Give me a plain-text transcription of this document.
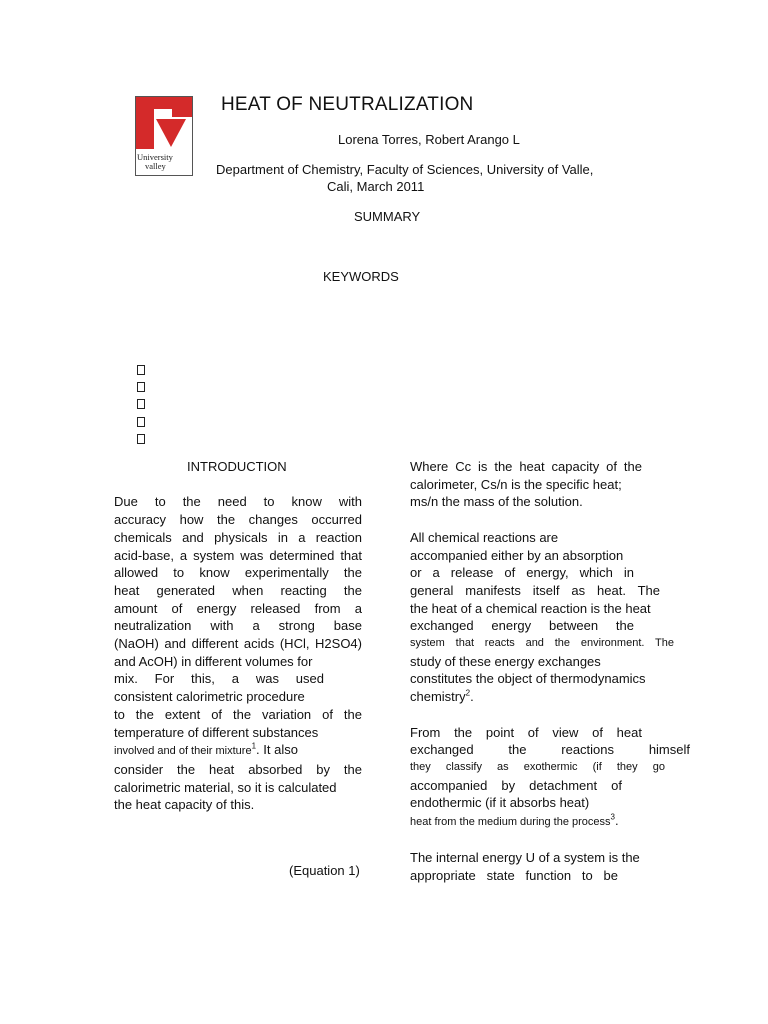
University
valley
HEAT OF NEUTRALIZATION
Lorena Torres, Robert Arango L
Department of Chemistry, Faculty of Sciences, University of Valle,
Cali, March 2011
SUMMARY
KEYWORDS
INTRODUCTION
Due to the need to know with
accuracy how the changes occurred
chemicals and physicals in a reaction
acid-base, a system was determined that
allowed to know experimentally the
heat generated when reacting the
amount of energy released from a
neutralization with a strong base
(NaOH) and different acids (HCl, H2SO4)
and AcOH) in different volumes for
mix. For this, a was used
consistent calorimetric procedure
to the extent of the variation of the
temperature of different substances
involved and of their mixture$^1$. It also
consider the heat absorbed by the
calorimetric material, so it is calculated
the heat capacity of this.
(Equation 1)
Where Cc is the heat capacity of the
calorimeter, Cs/n is the specific heat;
ms/n the mass of the solution.
All chemical reactions are
accompanied either by an absorption
or a release of energy, which in
general manifests itself as heat. The
the heat of a chemical reaction is the heat
exchanged energy between the
system that reacts and the environment. The
study of these energy exchanges
constitutes the object of thermodynamics
chemistry$^2$.
From the point of view of heat
exchanged the reactions himself
they classify as exothermic (if they go
accompanied by detachment of
endothermic (if it absorbs heat)
heat from the medium during the process$^3$.
The internal energy U of a system is the
appropriate state function to be
